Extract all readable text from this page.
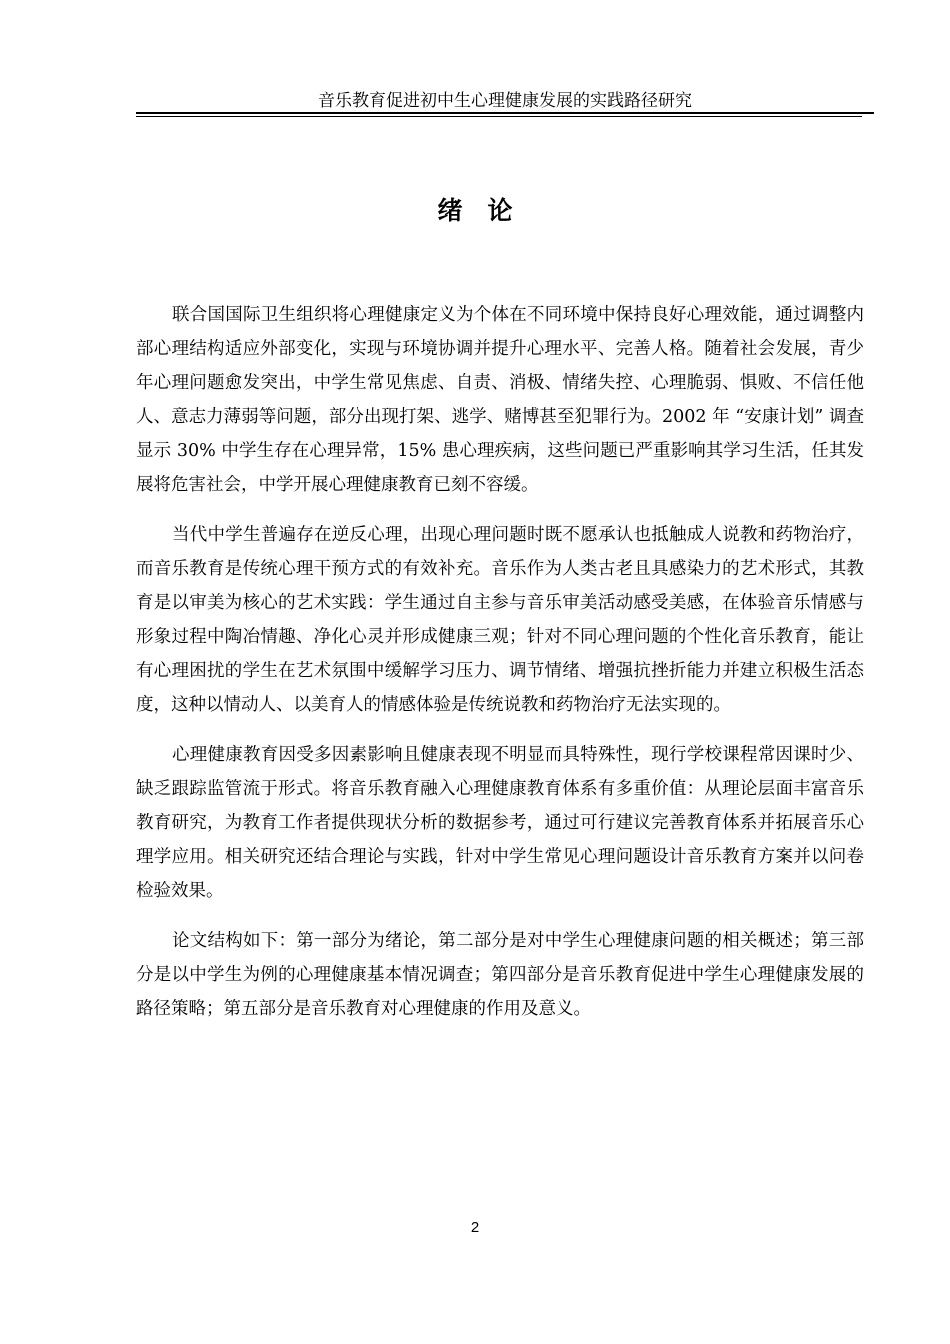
音乐教育促进初中生心理健康发展的实践路径研究
绪　论

联合国国际卫生组织将心理健康定义为个体在不同环境中保持良好心理效能，通过调整内部心理结构适应外部变化，实现与环境协调并提升心理水平、完善人格。随着社会发展，青少年心理问题愈发突出，中学生常见焦虑、自责、消极、情绪失控、心理脆弱、惧败、不信任他人、意志力薄弱等问题，部分出现打架、逃学、赌博甚至犯罪行为。2002 年 “安康计划” 调查显示 30% 中学生存在心理异常，15% 患心理疾病，这些问题已严重影响其学习生活，任其发展将危害社会，中学开展心理健康教育已刻不容缓。

当代中学生普遍存在逆反心理，出现心理问题时既不愿承认也抵触成人说教和药物治疗，而音乐教育是传统心理干预方式的有效补充。音乐作为人类古老且具感染力的艺术形式，其教育是以审美为核心的艺术实践：学生通过自主参与音乐审美活动感受美感，在体验音乐情感与形象过程中陶冶情趣、净化心灵并形成健康三观；针对不同心理问题的个性化音乐教育，能让有心理困扰的学生在艺术氛围中缓解学习压力、调节情绪、增强抗挫折能力并建立积极生活态度，这种以情动人、以美育人的情感体验是传统说教和药物治疗无法实现的。

心理健康教育因受多因素影响且健康表现不明显而具特殊性，现行学校课程常因课时少、缺乏跟踪监管流于形式。将音乐教育融入心理健康教育体系有多重价值：从理论层面丰富音乐教育研究，为教育工作者提供现状分析的数据参考，通过可行建议完善教育体系并拓展音乐心理学应用。相关研究还结合理论与实践，针对中学生常见心理问题设计音乐教育方案并以问卷检验效果。

论文结构如下：第一部分为绪论，第二部分是对中学生心理健康问题的相关概述；第三部分是以中学生为例的心理健康基本情况调查；第四部分是音乐教育促进中学生心理健康发展的路径策略；第五部分是音乐教育对心理健康的作用及意义。

2
